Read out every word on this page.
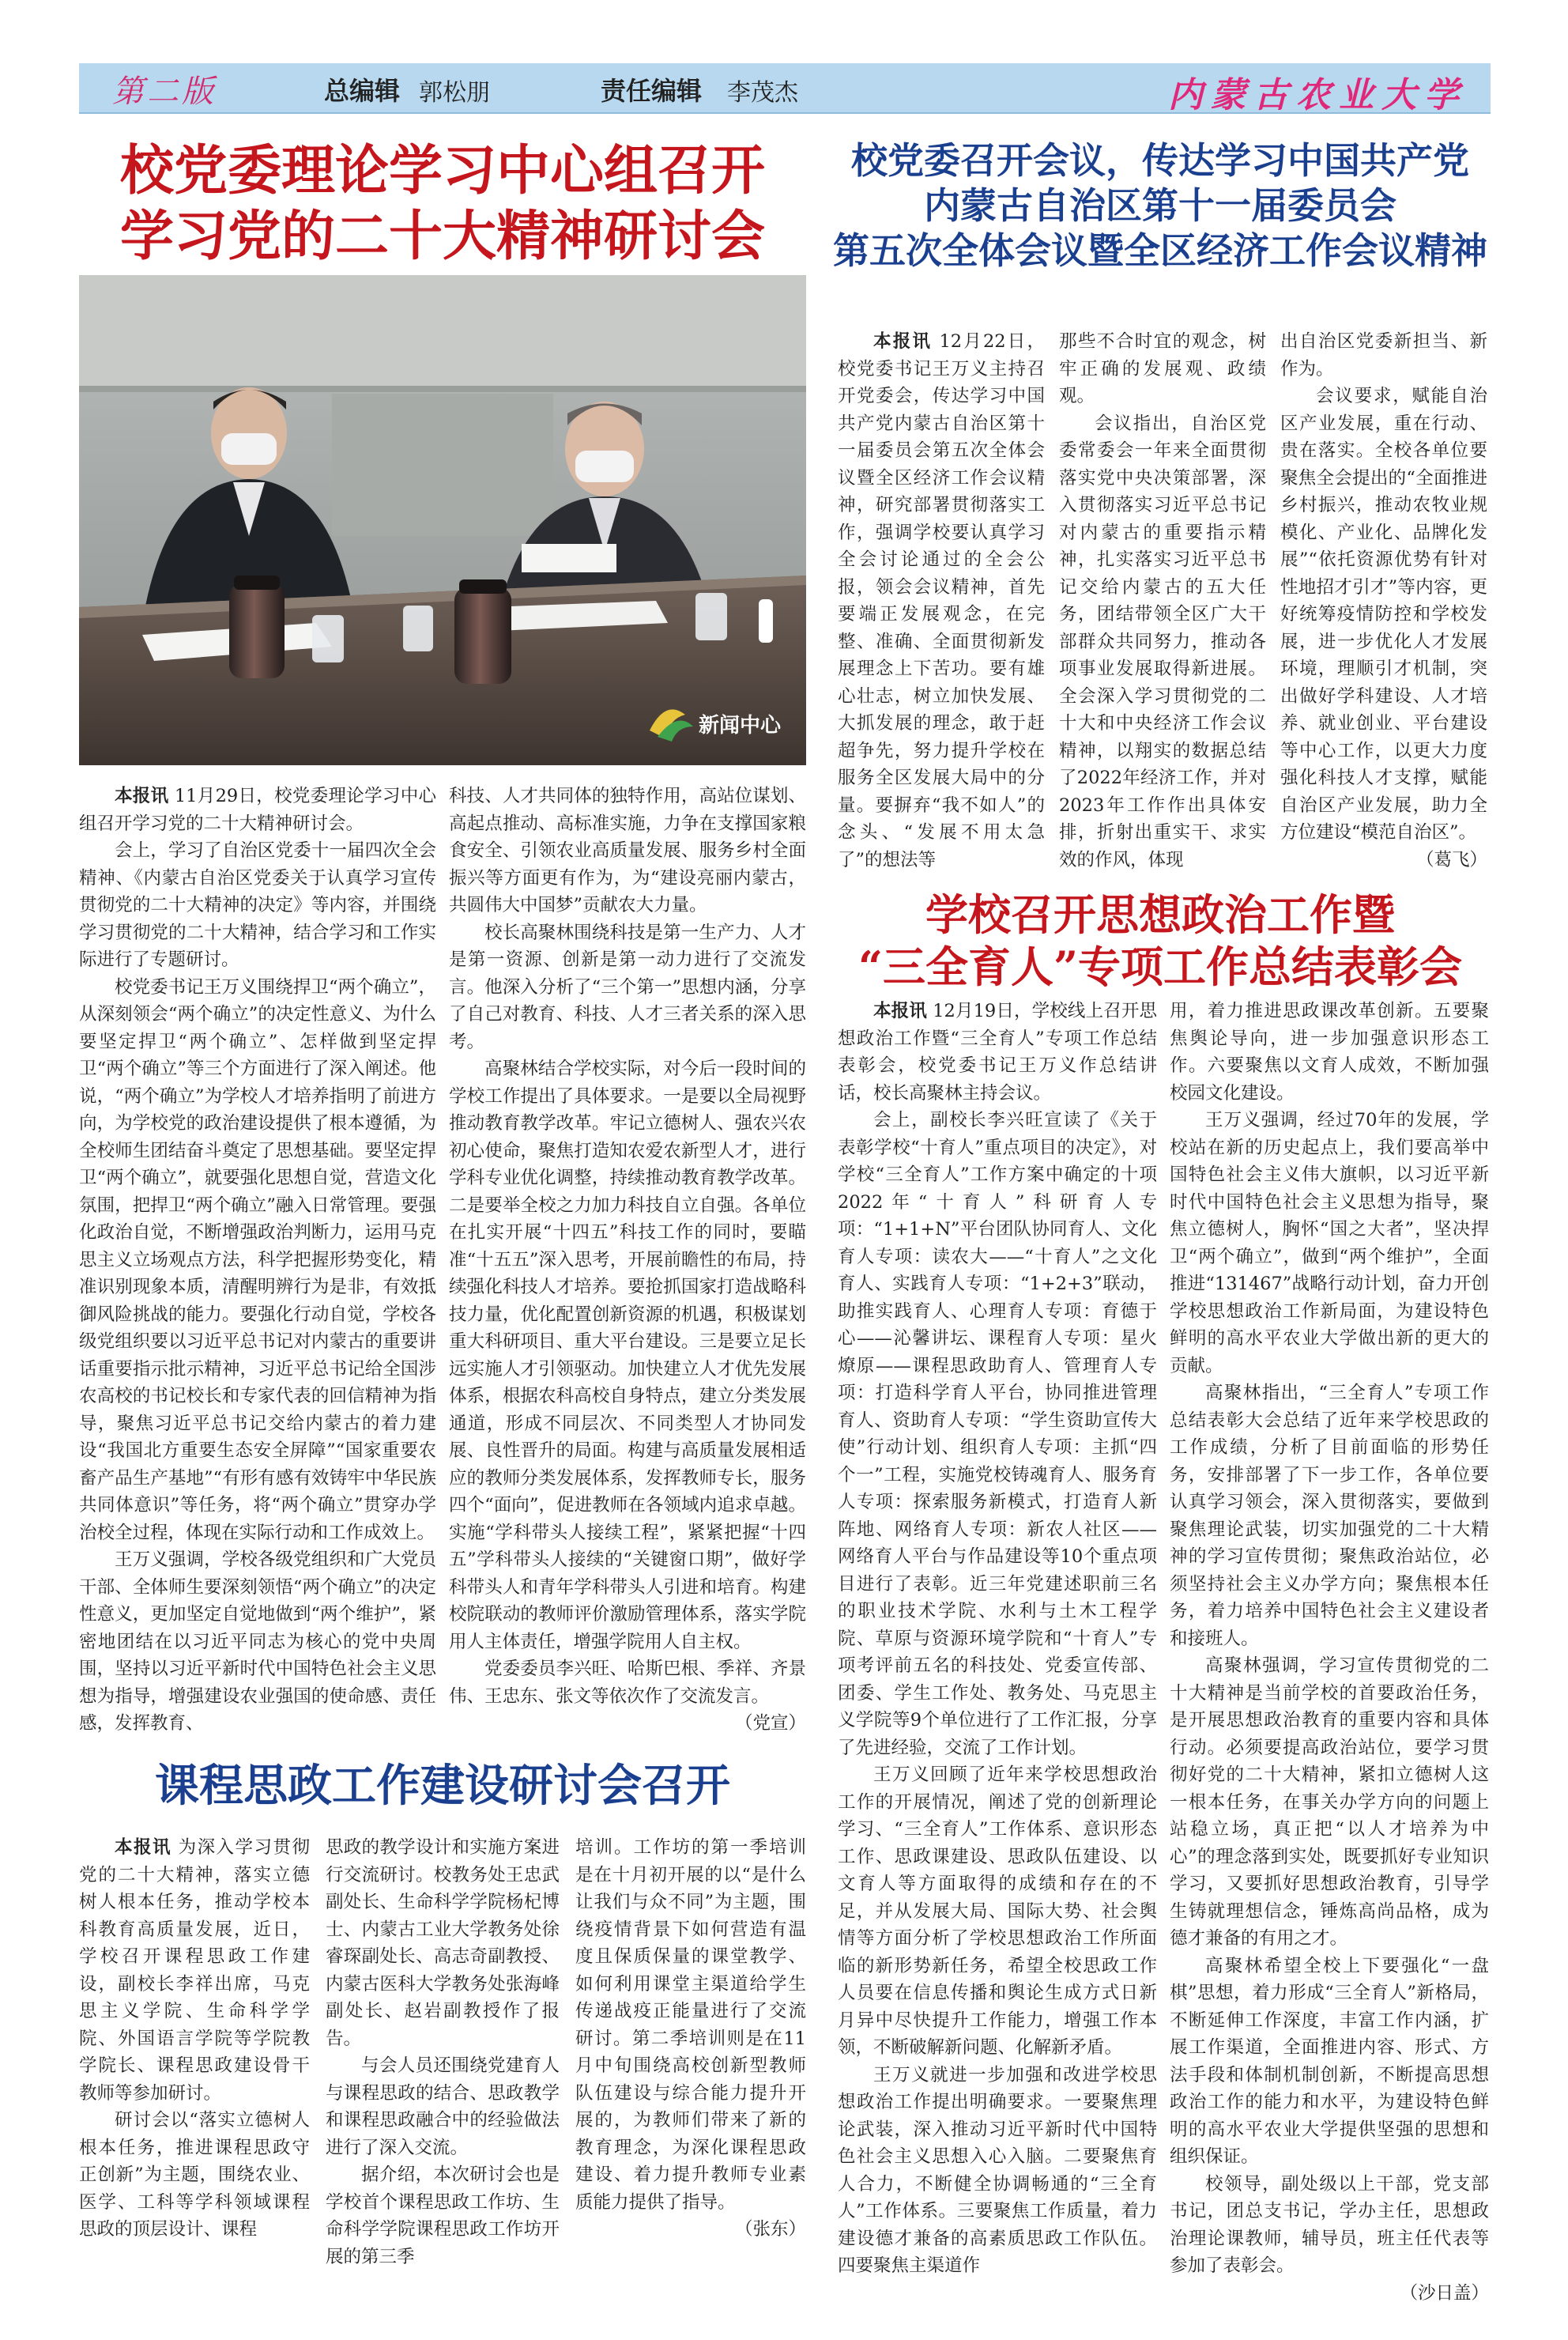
第二版	总编辑 郭松朋	责任编辑 李茂杰	内蒙古农业大学
校党委理论学习中心组召开
学习党的二十大精神研讨会
新闻中心

本报讯 11月29日，校党委理论学习中心组召开学习党的二十大精神研讨会。

会上，学习了自治区党委十一届四次全会精神、《内蒙古自治区党委关于认真学习宣传贯彻党的二十大精神的决定》等内容，并围绕学习贯彻党的二十大精神，结合学习和工作实际进行了专题研讨。

校党委书记王万义围绕捍卫“两个确立”，从深刻领会“两个确立”的决定性意义、为什么要坚定捍卫“两个确立”、怎样做到坚定捍卫“两个确立”等三个方面进行了深入阐述。他说，“两个确立”为学校人才培养指明了前进方向，为学校党的政治建设提供了根本遵循，为全校师生团结奋斗奠定了思想基础。要坚定捍卫“两个确立”，就要强化思想自觉，营造文化氛围，把捍卫“两个确立”融入日常管理。要强化政治自觉，不断增强政治判断力，运用马克思主义立场观点方法，科学把握形势变化，精准识别现象本质，清醒明辨行为是非，有效抵御风险挑战的能力。要强化行动自觉，学校各级党组织要以习近平总书记对内蒙古的重要讲话重要指示批示精神，习近平总书记给全国涉农高校的书记校长和专家代表的回信精神为指导，聚焦习近平总书记交给内蒙古的着力建设“我国北方重要生态安全屏障”“国家重要农畜产品生产基地”“有形有感有效铸牢中华民族共同体意识”等任务，将“两个确立”贯穿办学治校全过程，体现在实际行动和工作成效上。

王万义强调，学校各级党组织和广大党员干部、全体师生要深刻领悟“两个确立”的决定性意义，更加坚定自觉地做到“两个维护”，紧密地团结在以习近平同志为核心的党中央周围，坚持以习近平新时代中国特色社会主义思想为指导，增强建设农业强国的使命感、责任感，发挥教育、

科技、人才共同体的独特作用，高站位谋划、高起点推动、高标准实施，力争在支撑国家粮食安全、引领农业高质量发展、服务乡村全面振兴等方面更有作为，为“建设亮丽内蒙古，共圆伟大中国梦”贡献农大力量。

校长高聚林围绕科技是第一生产力、人才是第一资源、创新是第一动力进行了交流发言。他深入分析了“三个第一”思想内涵，分享了自己对教育、科技、人才三者关系的深入思考。

高聚林结合学校实际，对今后一段时间的学校工作提出了具体要求。一是要以全局视野推动教育教学改革。牢记立德树人、强农兴农初心使命，聚焦打造知农爱农新型人才，进行学科专业优化调整，持续推动教育教学改革。二是要举全校之力加力科技自立自强。各单位在扎实开展“十四五”科技工作的同时，要瞄准“十五五”深入思考，开展前瞻性的布局，持续强化科技人才培养。要抢抓国家打造战略科技力量，优化配置创新资源的机遇，积极谋划重大科研项目、重大平台建设。三是要立足长远实施人才引领驱动。加快建立人才优先发展体系，根据农科高校自身特点，建立分类发展通道，形成不同层次、不同类型人才协同发展、良性晋升的局面。构建与高质量发展相适应的教师分类发展体系，发挥教师专长，服务四个“面向”，促进教师在各领域内追求卓越。实施“学科带头人接续工程”，紧紧把握“十四五”学科带头人接续的“关键窗口期”，做好学科带头人和青年学科带头人引进和培育。构建校院联动的教师评价激励管理体系，落实学院用人主体责任，增强学院用人自主权。

党委委员李兴旺、哈斯巴根、季祥、齐景伟、王忠东、张文等依次作了交流发言。

（党宣）

校党委召开会议，传达学习中国共产党
内蒙古自治区第十一届委员会
第五次全体会议暨全区经济工作会议精神

本报讯 12月22日，校党委书记王万义主持召开党委会，传达学习中国共产党内蒙古自治区第十一届委员会第五次全体会议暨全区经济工作会议精神，研究部署贯彻落实工作，强调学校要认真学习全会讨论通过的全会公报，领会会议精神，首先要端正发展观念，在完整、准确、全面贯彻新发展理念上下苦功。要有雄心壮志，树立加快发展、大抓发展的理念，敢于赶超争先，努力提升学校在服务全区发展大局中的分量。要摒弃“我不如人”的念头、“发展不用太急了”的想法等

那些不合时宜的观念，树牢正确的发展观、政绩观。

会议指出，自治区党委常委会一年来全面贯彻落实党中央决策部署，深入贯彻落实习近平总书记对内蒙古的重要指示精神，扎实落实习近平总书记交给内蒙古的五大任务，团结带领全区广大干部群众共同努力，推动各项事业发展取得新进展。全会深入学习贯彻党的二十大和中央经济工作会议精神，以翔实的数据总结了2022年经济工作，并对2023年工作作出具体安排，折射出重实干、求实效的作风，体现

出自治区党委新担当、新作为。

会议要求，赋能自治区产业发展，重在行动、贵在落实。全校各单位要聚焦全会提出的“全面推进乡村振兴，推动农牧业规模化、产业化、品牌化发展”“依托资源优势有针对性地招才引才”等内容，更好统筹疫情防控和学校发展，进一步优化人才发展环境，理顺引才机制，突出做好学科建设、人才培养、就业创业、平台建设等中心工作，以更大力度强化科技人才支撑，赋能自治区产业发展，助力全方位建设“模范自治区”。

（葛飞）

学校召开思想政治工作暨
“三全育人”专项工作总结表彰会

本报讯 12月19日，学校线上召开思想政治工作暨“三全育人”专项工作总结表彰会，校党委书记王万义作总结讲话，校长高聚林主持会议。

会上，副校长李兴旺宣读了《关于表彰学校“十育人”重点项目的决定》，对学校“三全育人”工作方案中确定的十项2022年“十育人”科研育人专项：“1+1+N”平台团队协同育人、文化育人专项：读农大——“十育人”之文化育人、实践育人专项：“1+2+3”联动，助推实践育人、心理育人专项：育德于心——沁馨讲坛、课程育人专项：星火燎原——课程思政助育人、管理育人专项：打造科学育人平台，协同推进管理育人、资助育人专项：“学生资助宣传大使”行动计划、组织育人专项：主抓“四个一”工程，实施党校铸魂育人、服务育人专项：探索服务新模式，打造育人新阵地、网络育人专项：新农人社区——网络育人平台与作品建设等10个重点项目进行了表彰。近三年党建述职前三名的职业技术学院、水利与土木工程学院、草原与资源环境学院和“十育人”专项考评前五名的科技处、党委宣传部、团委、学生工作处、教务处、马克思主义学院等9个单位进行了工作汇报，分享了先进经验，交流了工作计划。

王万义回顾了近年来学校思想政治工作的开展情况，阐述了党的创新理论学习、“三全育人”工作体系、意识形态工作、思政课建设、思政队伍建设、以文育人等方面取得的成绩和存在的不足，并从发展大局、国际大势、社会舆情等方面分析了学校思想政治工作所面临的新形势新任务，希望全校思政工作人员要在信息传播和舆论生成方式日新月异中尽快提升工作能力，增强工作本领，不断破解新问题、化解新矛盾。

王万义就进一步加强和改进学校思想政治工作提出明确要求。一要聚焦理论武装，深入推动习近平新时代中国特色社会主义思想入心入脑。二要聚焦育人合力，不断健全协调畅通的“三全育人”工作体系。三要聚焦工作质量，着力建设德才兼备的高素质思政工作队伍。四要聚焦主渠道作

用，着力推进思政课改革创新。五要聚焦舆论导向，进一步加强意识形态工作。六要聚焦以文育人成效，不断加强校园文化建设。

王万义强调，经过70年的发展，学校站在新的历史起点上，我们要高举中国特色社会主义伟大旗帜，以习近平新时代中国特色社会主义思想为指导，聚焦立德树人，胸怀“国之大者”，坚决捍卫“两个确立”，做到“两个维护”，全面推进“131467”战略行动计划，奋力开创学校思想政治工作新局面，为建设特色鲜明的高水平农业大学做出新的更大的贡献。

高聚林指出，“三全育人”专项工作总结表彰大会总结了近年来学校思政的工作成绩，分析了目前面临的形势任务，安排部署了下一步工作，各单位要认真学习领会，深入贯彻落实，要做到聚焦理论武装，切实加强党的二十大精神的学习宣传贯彻；聚焦政治站位，必须坚持社会主义办学方向；聚焦根本任务，着力培养中国特色社会主义建设者和接班人。

高聚林强调，学习宣传贯彻党的二十大精神是当前学校的首要政治任务，是开展思想政治教育的重要内容和具体行动。必须要提高政治站位，要学习贯彻好党的二十大精神，紧扣立德树人这一根本任务，在事关办学方向的问题上站稳立场，真正把“以人才培养为中心”的理念落到实处，既要抓好专业知识学习，又要抓好思想政治教育，引导学生铸就理想信念，锤炼高尚品格，成为德才兼备的有用之才。

高聚林希望全校上下要强化“一盘棋”思想，着力形成“三全育人”新格局，不断延伸工作深度，丰富工作内涵，扩展工作渠道，全面推进内容、形式、方法手段和体制机制创新，不断提高思想政治工作的能力和水平，为建设特色鲜明的高水平农业大学提供坚强的思想和组织保证。

校领导，副处级以上干部，党支部书记，团总支书记，学办主任，思想政治理论课教师，辅导员，班主任代表等参加了表彰会。

（沙日盖）

课程思政工作建设研讨会召开

本报讯 为深入学习贯彻党的二十大精神，落实立德树人根本任务，推动学校本科教育高质量发展，近日，学校召开课程思政工作建设，副校长李祥出席，马克思主义学院、生命科学学院、外国语言学院等学院教学院长、课程思政建设骨干教师等参加研讨。

研讨会以“落实立德树人根本任务，推进课程思政守正创新”为主题，围绕农业、医学、工科等学科领域课程思政的顶层设计、课程

思政的教学设计和实施方案进行交流研讨。校教务处王忠武副处长、生命科学学院杨杞博士、内蒙古工业大学教务处徐睿琛副处长、高志奇副教授、内蒙古医科大学教务处张海峰副处长、赵岩副教授作了报告。

与会人员还围绕党建育人与课程思政的结合、思政教学和课程思政融合中的经验做法进行了深入交流。

据介绍，本次研讨会也是学校首个课程思政工作坊、生命科学学院课程思政工作坊开展的第三季

培训。工作坊的第一季培训是在十月初开展的以“是什么让我们与众不同”为主题，围绕疫情背景下如何营造有温度且保质保量的课堂教学、如何利用课堂主渠道给学生传递战疫正能量进行了交流研讨。第二季培训则是在11月中旬围绕高校创新型教师队伍建设与综合能力提升开展的，为教师们带来了新的教育理念，为深化课程思政建设、着力提升教师专业素质能力提供了指导。

（张东）
